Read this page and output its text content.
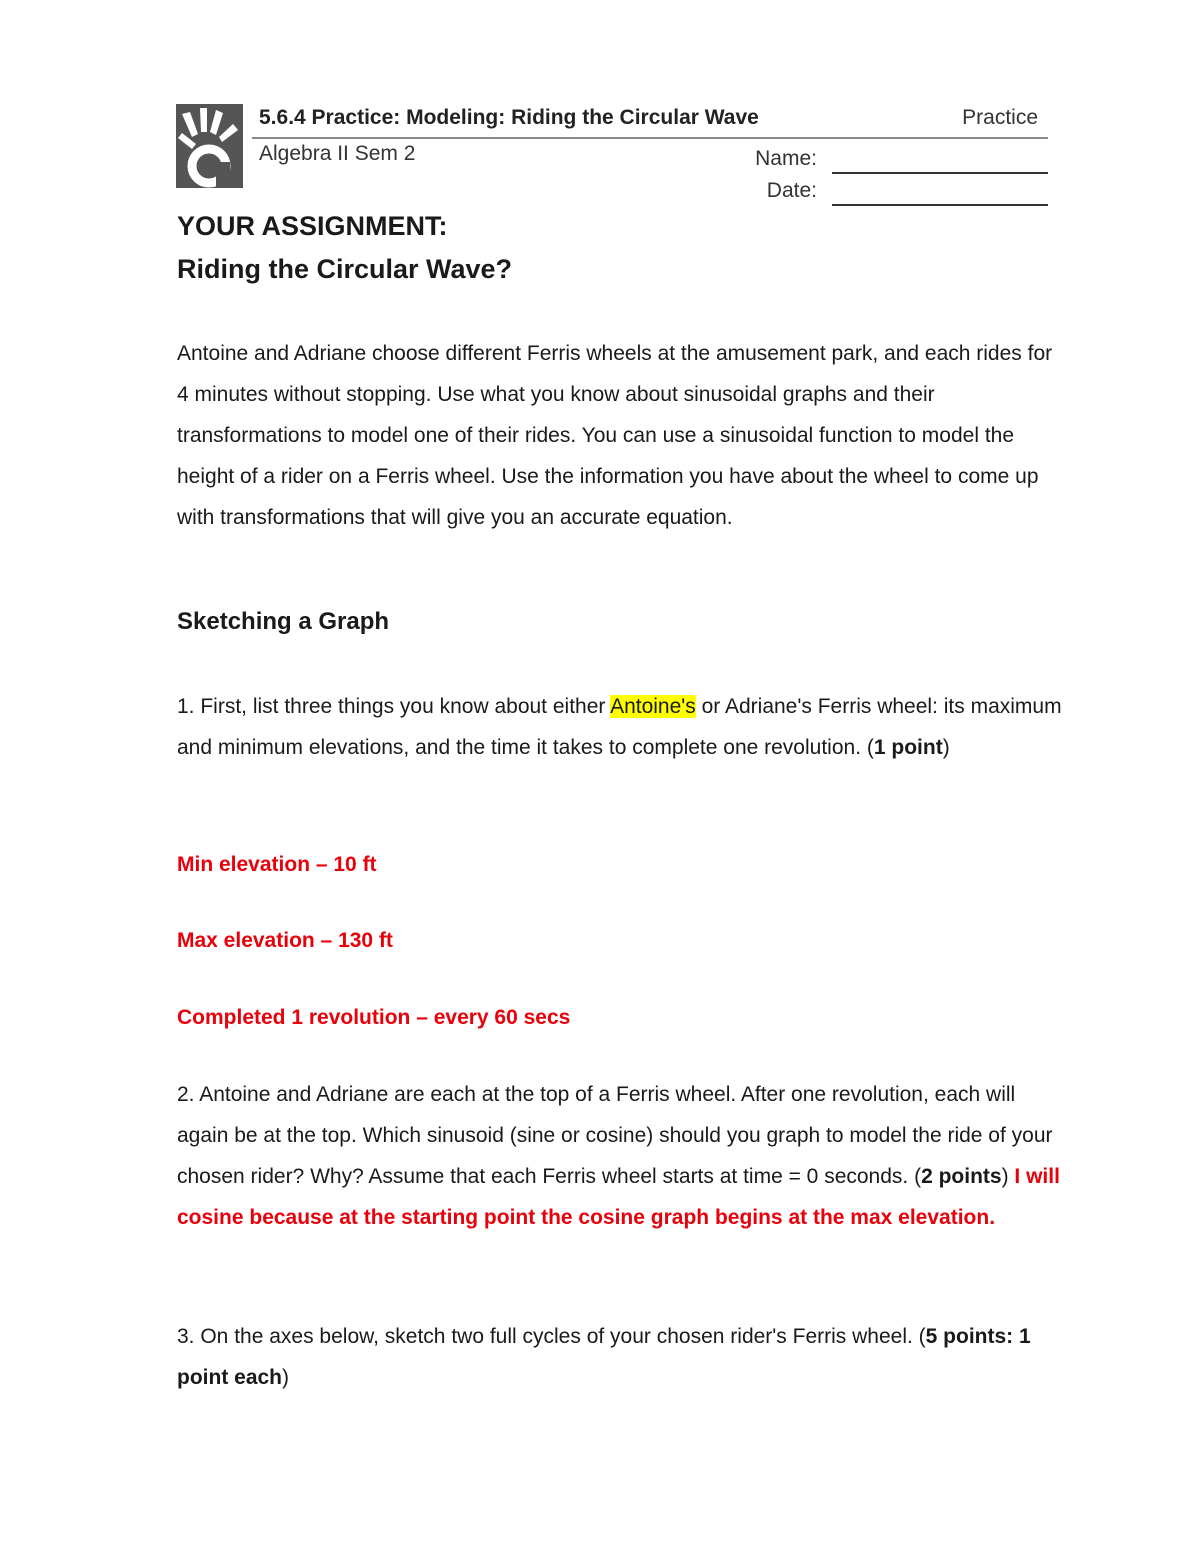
5.6.4 Practice: Modeling: Riding the Circular Wave	Practice
Algebra II Sem 2	Name:
Date:
YOUR ASSIGNMENT:
Riding the Circular Wave?

Antoine and Adriane choose different Ferris wheels at the amusement park, and each rides for 4 minutes without stopping. Use what you know about sinusoidal graphs and their transformations to model one of their rides. You can use a sinusoidal function to model the height of a rider on a Ferris wheel. Use the information you have about the wheel to come up with transformations that will give you an accurate equation.

Sketching a Graph

1. First, list three things you know about either Antoine's or Adriane's Ferris wheel: its maximum and minimum elevations, and the time it takes to complete one revolution. (1 point)

Min elevation – 10 ft

Max elevation – 130 ft

Completed 1 revolution – every 60 secs

2. Antoine and Adriane are each at the top of a Ferris wheel. After one revolution, each will again be at the top. Which sinusoid (sine or cosine) should you graph to model the ride of your chosen rider? Why? Assume that each Ferris wheel starts at time = 0 seconds. (2 points) I will cosine because at the starting point the cosine graph begins at the max elevation.

3. On the axes below, sketch two full cycles of your chosen rider's Ferris wheel. (5 points: 1 point each)
